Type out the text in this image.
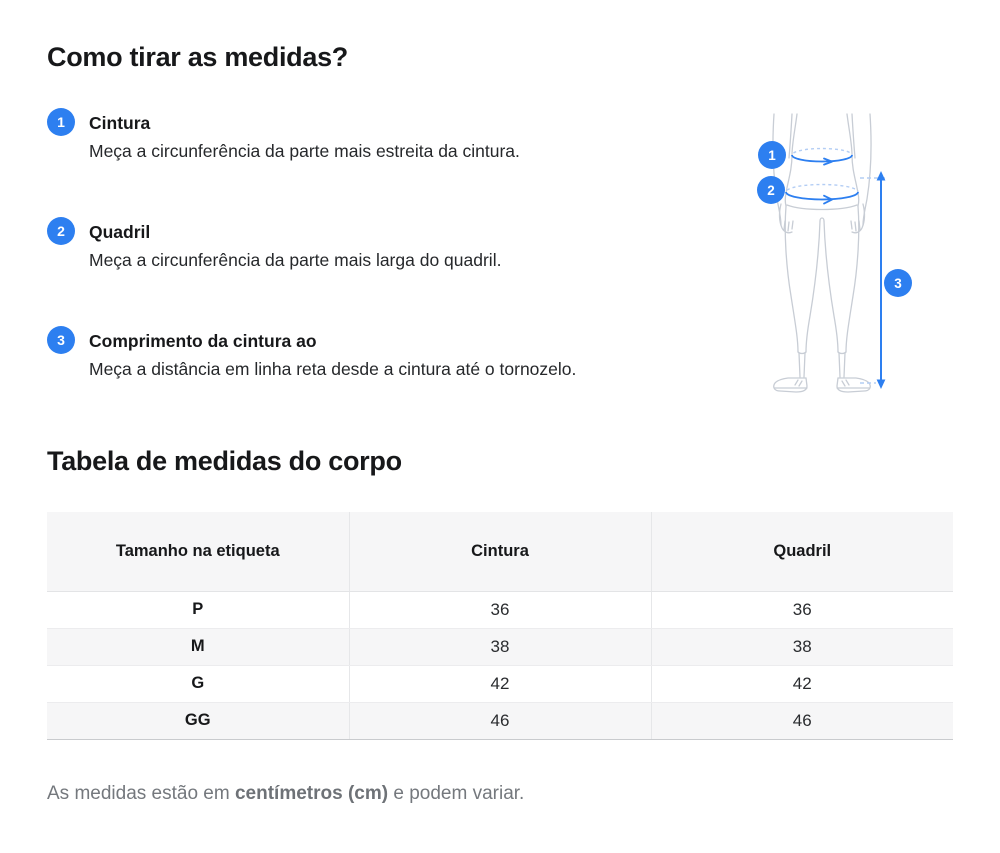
Como tirar as medidas?
1	Cintura
Meça a circunferência da parte mais estreita da cintura.
2	Quadril
Meça a circunferência da parte mais larga do quadril.
3	Comprimento da cintura ao
Meça a distância em linha reta desde a cintura até o tornozelo.
1
2
3
Tabela de medidas do corpo
Tamanho na etiqueta	Cintura	Quadril
P	36	36
M	38	38
G	42	42
GG	46	46

As medidas estão em centímetros (cm) e podem variar.
